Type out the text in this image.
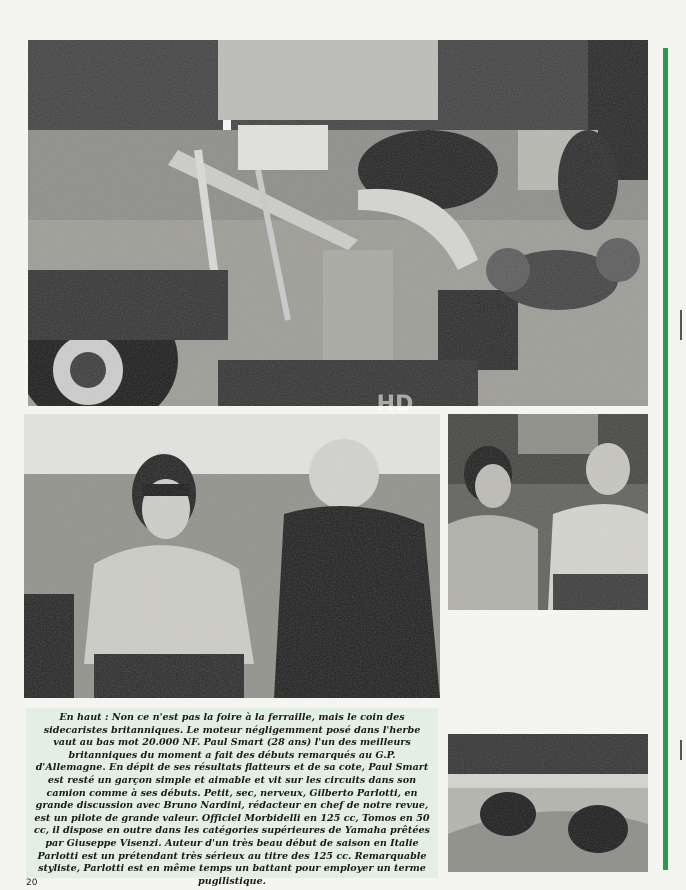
HD

En haut : Non ce n'est pas la foire à la ferraille, mais le coin des sidecaristes britanniques. Le moteur négligemment posé dans l'herbe vaut au bas mot 20.000 NF. Paul Smart (28 ans) l'un des meilleurs britanniques du moment a fait des débuts remarqués au G.P. d'Allemagne. En dépit de ses résultats flatteurs et de sa cote, Paul Smart est resté un garçon simple et aimable et vit sur les circuits dans son camion comme à ses débuts. Petit, sec, nerveux, Gilberto Parlotti, en grande discussion avec Bruno Nardini, rédacteur en chef de notre revue, est un pilote de grande valeur. Officiel Morbidelli en 125 cc, Tomos en 50 cc, il dispose en outre dans les catégories supérieures de Yamaha prêtées par Giuseppe Visenzi. Auteur d'un très beau début de saison en Italie Parlotti est un prétendant très sérieux au titre des 125 cc. Remarquable styliste, Parlotti est en même temps un battant pour employer un terme pugilistique.

20
